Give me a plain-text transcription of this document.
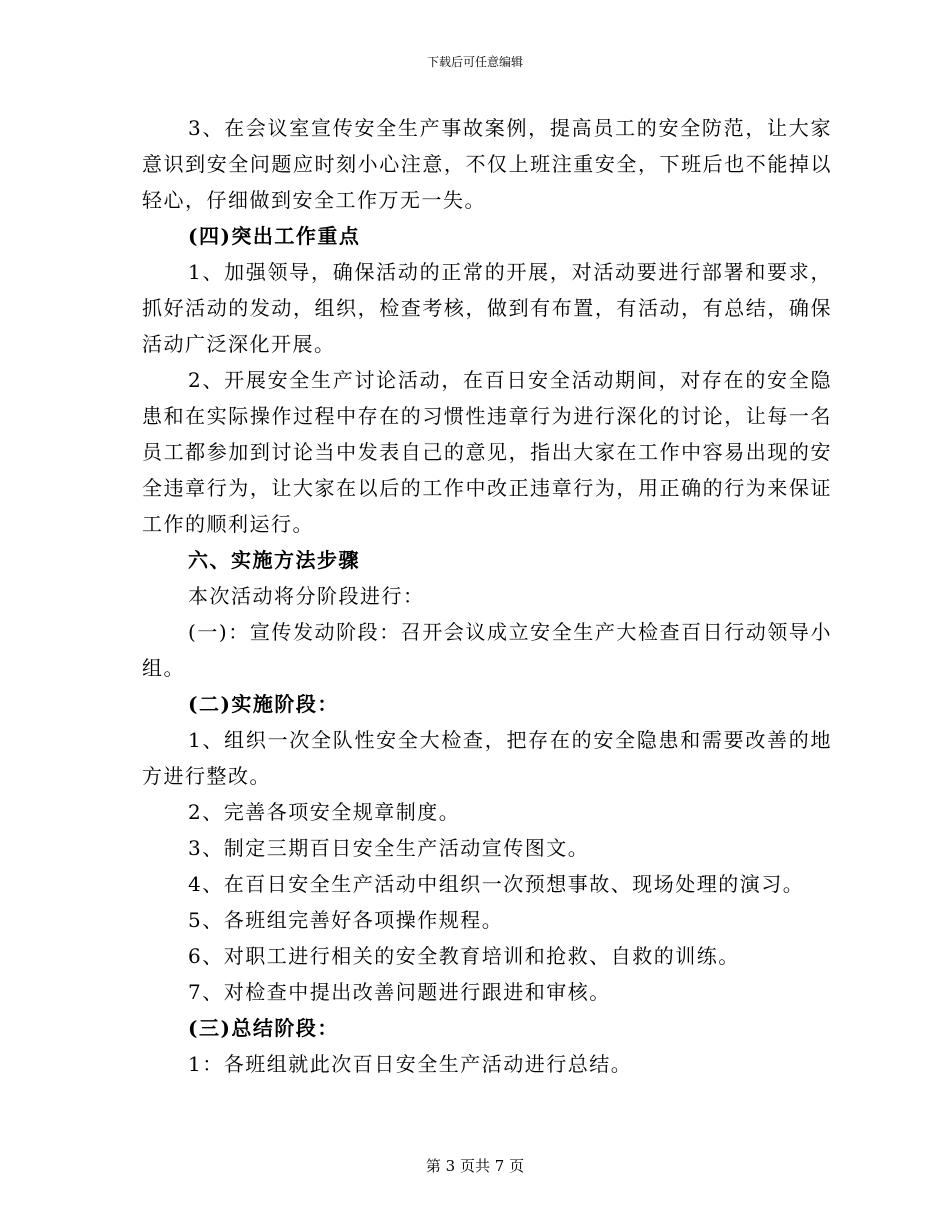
下载后可任意编辑

3、在会议室宣传安全生产事故案例，提高员工的安全防范，让大家意识到安全问题应时刻小心注意，不仅上班注重安全，下班后也不能掉以轻心，仔细做到安全工作万无一失。

(四)突出工作重点

1、加强领导，确保活动的正常的开展，对活动要进行部署和要求，抓好活动的发动，组织，检查考核，做到有布置，有活动，有总结，确保活动广泛深化开展。

2、开展安全生产讨论活动，在百日安全活动期间，对存在的安全隐患和在实际操作过程中存在的习惯性违章行为进行深化的讨论，让每一名员工都参加到讨论当中发表自己的意见，指出大家在工作中容易出现的安全违章行为，让大家在以后的工作中改正违章行为，用正确的行为来保证工作的顺利运行。

六、实施方法步骤

本次活动将分阶段进行：

(一)：宣传发动阶段：召开会议成立安全生产大检查百日行动领导小组。

(二)实施阶段：

1、组织一次全队性安全大检查，把存在的安全隐患和需要改善的地方进行整改。

2、完善各项安全规章制度。

3、制定三期百日安全生产活动宣传图文。

4、在百日安全生产活动中组织一次预想事故、现场处理的演习。

5、各班组完善好各项操作规程。

6、对职工进行相关的安全教育培训和抢救、自救的训练。

7、对检查中提出改善问题进行跟进和审核。

(三)总结阶段：

1：各班组就此次百日安全生产活动进行总结。

第 3 页共 7 页
